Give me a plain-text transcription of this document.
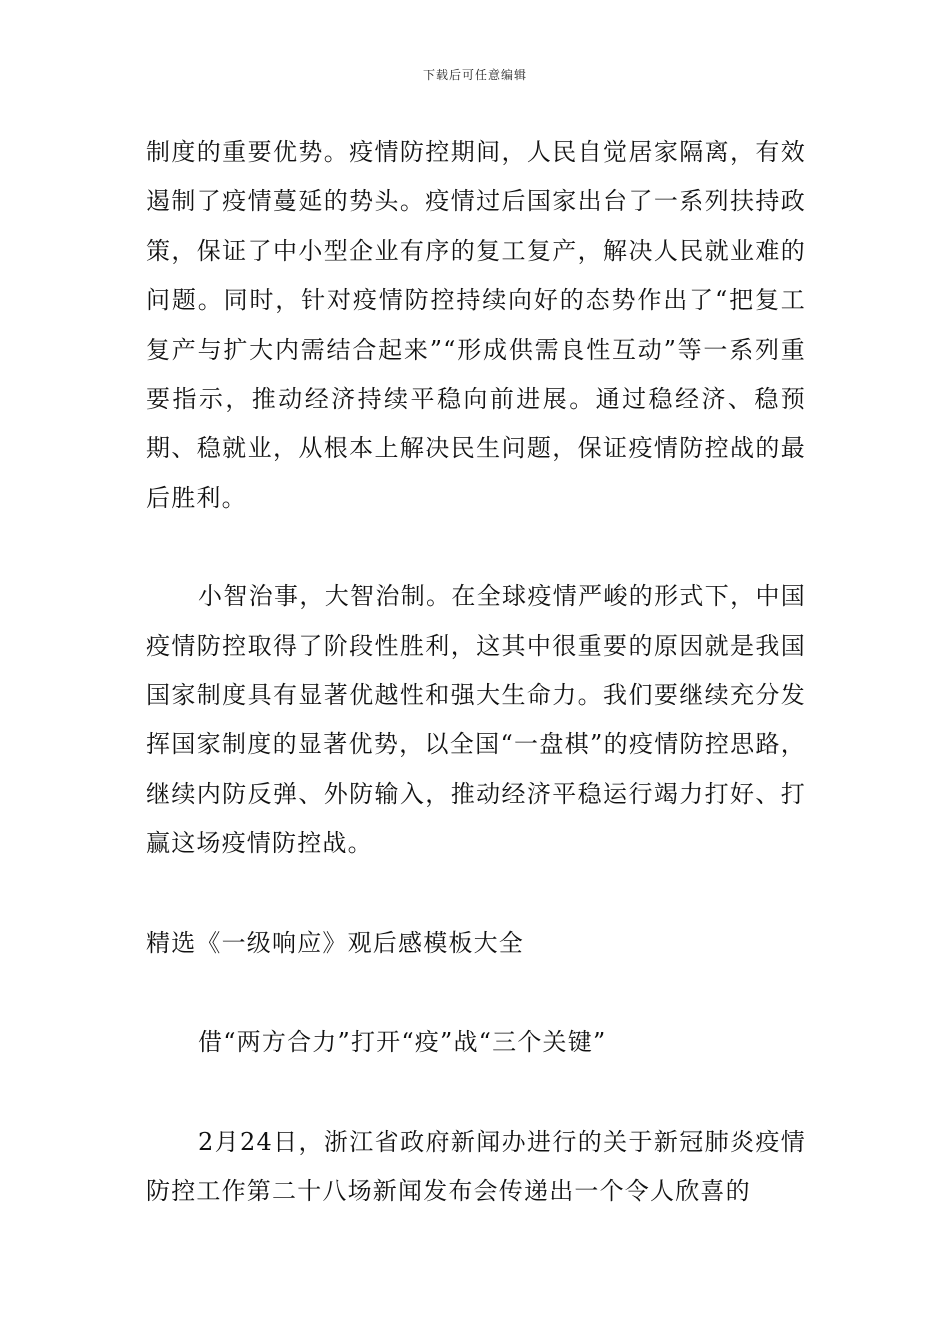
下载后可任意编辑

制度的重要优势。疫情防控期间，人民自觉居家隔离，有效遏制了疫情蔓延的势头。疫情过后国家出台了一系列扶持政策，保证了中小型企业有序的复工复产，解决人民就业难的问题。同时，针对疫情防控持续向好的态势作出了“把复工复产与扩大内需结合起来”“形成供需良性互动”等一系列重要指示，推动经济持续平稳向前进展。通过稳经济、稳预期、稳就业，从根本上解决民生问题，保证疫情防控战的最后胜利。

小智治事，大智治制。在全球疫情严峻的形式下，中国疫情防控取得了阶段性胜利，这其中很重要的原因就是我国国家制度具有显著优越性和强大生命力。我们要继续充分发挥国家制度的显著优势，以全国“一盘棋”的疫情防控思路，继续内防反弹、外防输入，推动经济平稳运行竭力打好、打赢这场疫情防控战。

精选《一级响应》观后感模板大全

借“两方合力”打开“疫”战“三个关键”

2月24日，浙江省政府新闻办进行的关于新冠肺炎疫情防控工作第二十八场新闻发布会传递出一个令人欣喜的
